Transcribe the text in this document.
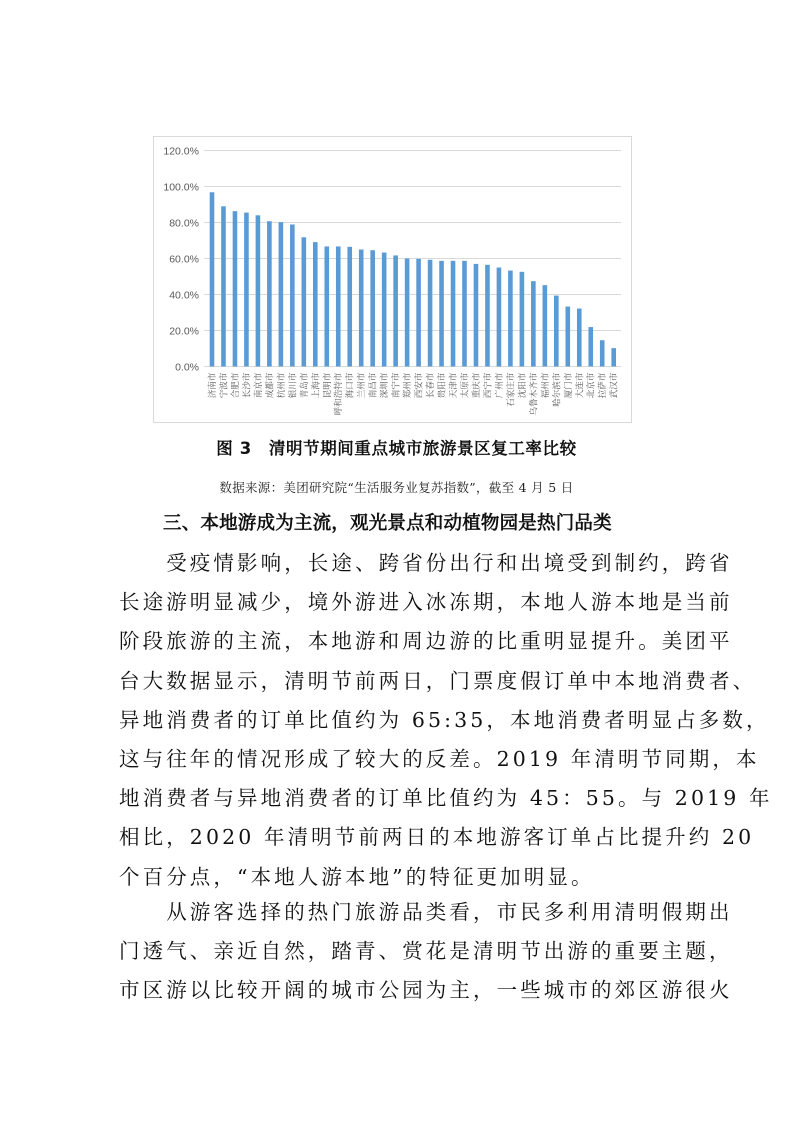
0.0%
20.0%
40.0%
60.0%
80.0%
100.0%
120.0%
济南市 宁波市 合肥市 长沙市 南京市 成都市 杭州市 银川市 青岛市 上海市 昆明市 呼和浩特市 海口市 兰州市 南昌市 深圳市 南宁市 郑州市 西安市 长春市 贵阳市 天津市 太原市 重庆市 西宁市 广州市 石家庄市 沈阳市 乌鲁木齐市 福州市 哈尔滨市 厦门市 大连市 北京市 拉萨市 武汉市
图 3　清明节期间重点城市旅游景区复工率比较
数据来源：美团研究院“生活服务业复苏指数”，截至 4 月 5 日
三、本地游成为主流，观光景点和动植物园是热门品类
　　受疫情影响，长途、跨省份出行和出境受到制约，跨省
长途游明显减少，境外游进入冰冻期，本地人游本地是当前
阶段旅游的主流，本地游和周边游的比重明显提升。美团平
台大数据显示，清明节前两日，门票度假订单中本地消费者、
异地消费者的订单比值约为 65:35，本地消费者明显占多数，
这与往年的情况形成了较大的反差。2019 年清明节同期，本
地消费者与异地消费者的订单比值约为 45：55。与 2019 年
相比，2020 年清明节前两日的本地游客订单占比提升约 20
个百分点，“本地人游本地”的特征更加明显。
　　从游客选择的热门旅游品类看，市民多利用清明假期出
门透气、亲近自然，踏青、赏花是清明节出游的重要主题，
市区游以比较开阔的城市公园为主，一些城市的郊区游很火
